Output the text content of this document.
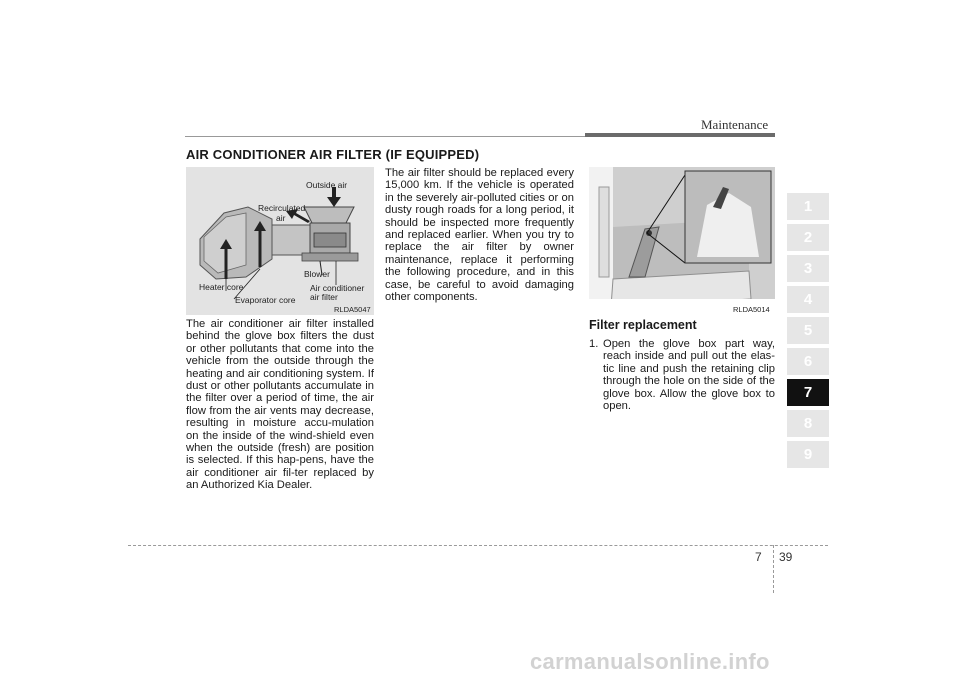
Maintenance
AIR CONDITIONER AIR FILTER (IF EQUIPPED)
Outside air
Recirculated
air
Blower
Heater core	Air conditioner
air filter
Evaporator core
RLDA5047	RLDA5014
The air conditioner air filter installed behind the glove box filters the dust or other pollutants that come into the vehicle from the outside through the heating and air conditioning system. If dust or other pollutants accumulate in the filter over a period of time, the air flow from the air vents may decrease, resulting in moisture accu-mulation on the inside of the wind-shield even when the outside (fresh) are position is selected. If this hap-pens, have the air conditioner air fil-ter replaced by an Authorized Kia Dealer.
The air filter should be replaced every 15,000 km. If the vehicle is operated in the severely air-polluted cities or on dusty rough roads for a long period, it should be inspected more frequently and replaced earlier. When you try to replace the air filter by owner maintenance, replace it performing the following procedure, and in this case, be careful to avoid damaging other components.
Filter replacement
1. Open the glove box part way, reach inside and pull out the elas-tic line and push the retaining clip through the hole on the side of the glove box. Allow the glove box to open.
1
2
3
4
5
6
7
8
9
7 39
carmanualsonline.info
